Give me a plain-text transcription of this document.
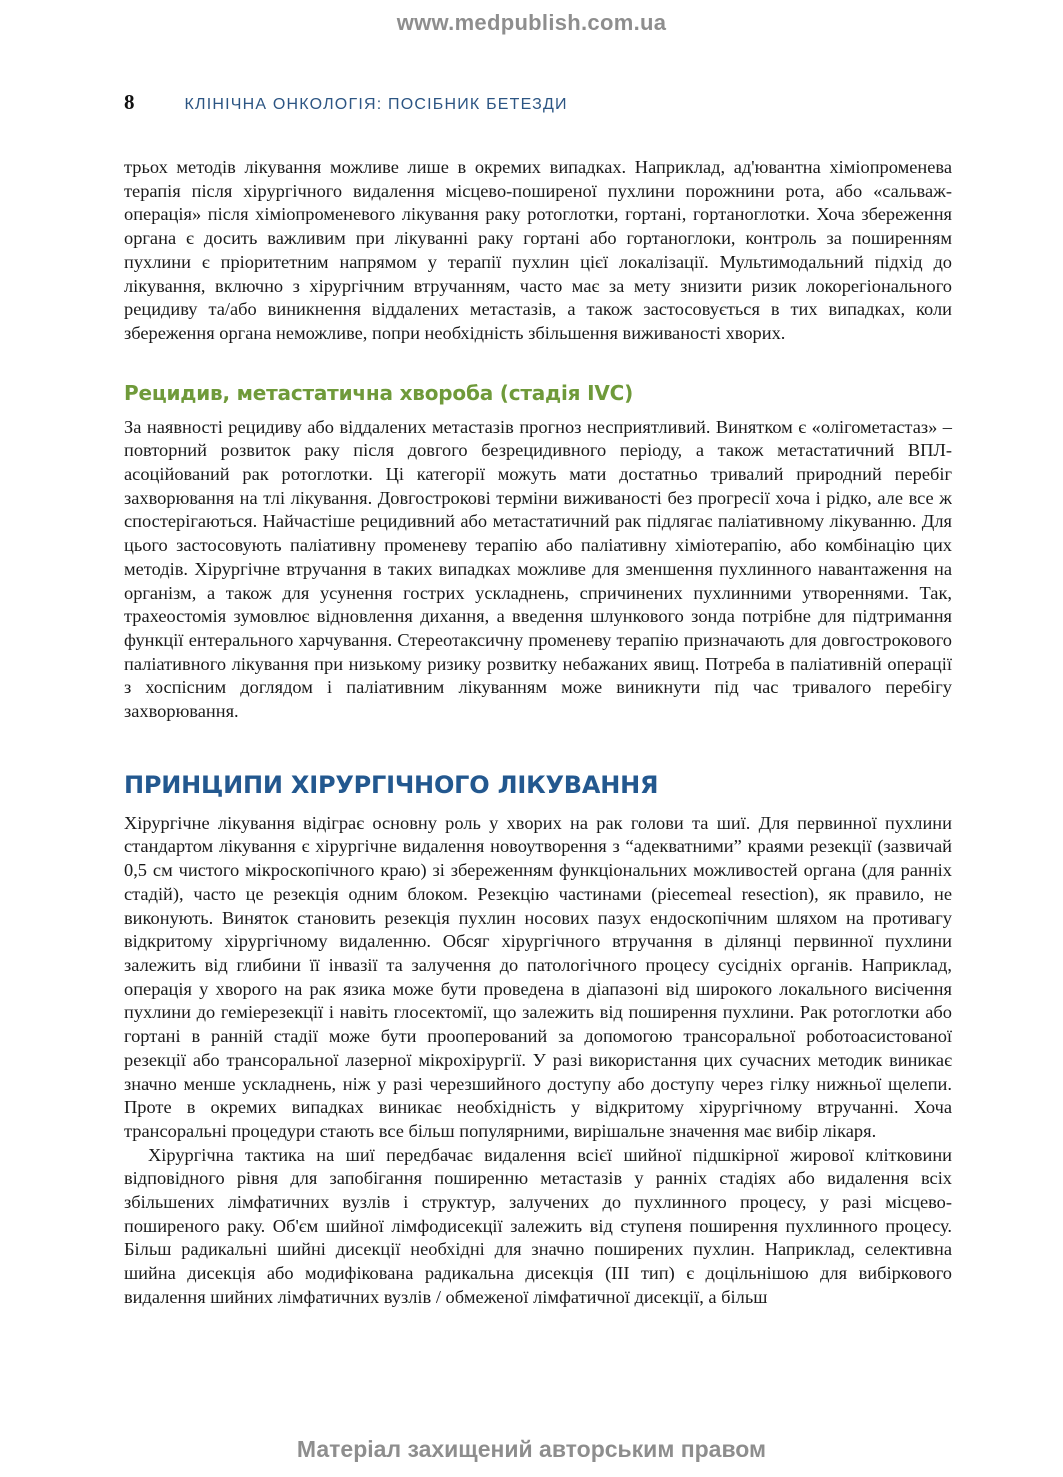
www.medpublish.com.ua
8	КЛІНІЧНА ОНКОЛОГІЯ: ПОСІБНИК БЕТЕЗДИ

трьох методів лікування можливе лише в окремих випадках. Наприклад, ад'ювантна хіміопроменева терапія після хірургічного видалення місцево-поширеної пухлини порожнини рота, або «сальваж-операція» після хіміопроменевого лікування раку ротоглотки, гортані, гортаноглотки. Хоча збереження органа є досить важливим при лікуванні раку гортані або гортаноглоки, контроль за поширенням пухлини є пріоритетним напрямом у терапії пухлин цієї локалізації. Мультимодальний підхід до лікування, включно з хірургічним втручанням, часто має за мету знизити ризик локорегіонального рецидиву та/або виникнення віддалених метастазів, а також застосовується в тих випадках, коли збереження органа неможливе, попри необхідність збільшення виживаності хворих.

Рецидив, метастатична хвороба (стадія IVC)

За наявності рецидиву або віддалених метастазів прогноз несприятливий. Винятком є «олігометастаз» – повторний розвиток раку після довгого безрецидивного періоду, а також метастатичний ВПЛ-асоційований рак ротоглотки. Ці категорії можуть мати достатньо тривалий природний перебіг захворювання на тлі лікування. Довгострокові терміни виживаності без прогресії хоча і рідко, але все ж спостерігаються. Найчастіше рецидивний або метастатичний рак підлягає паліативному лікуванню. Для цього застосовують паліативну променеву терапію або паліативну хіміотерапію, або комбінацію цих методів. Хірургічне втручання в таких випадках можливе для зменшення пухлинного навантаження на організм, а також для усунення гострих ускладнень, спричинених пухлинними утвореннями. Так, трахеостомія зумовлює відновлення дихання, а введення шлункового зонда потрібне для підтримання функції ентерального харчування. Стереотаксичну променеву терапію призначають для довгострокового паліативного лікування при низькому ризику розвитку небажаних явищ. Потреба в паліативній операції з хоспісним доглядом і паліативним лікуванням може виникнути під час тривалого перебігу захворювання.

ПРИНЦИПИ ХІРУРГІЧНОГО ЛІКУВАННЯ

Хірургічне лікування відіграє основну роль у хворих на рак голови та шиї. Для первинної пухлини стандартом лікування є хірургічне видалення новоутворення з “адекватними” краями резекції (зазвичай 0,5 см чистого мікроскопічного краю) зі збереженням функціональних можливостей органа (для ранніх стадій), часто це резекція одним блоком. Резекцію частинами (piecemeal resection), як правило, не виконують. Виняток становить резекція пухлин носових пазух ендоскопічним шляхом на противагу відкритому хірургічному видаленню. Обсяг хірургічного втручання в ділянці первинної пухлини залежить від глибини її інвазії та залучення до патологічного процесу сусідніх органів. Наприклад, операція у хворого на рак язика може бути проведена в діапазоні від широкого локального висічення пухлини до геміерезекції і навіть глосектомії, що залежить від поширення пухлини. Рак ротоглотки або гортані в ранній стадії може бути прооперований за допомогою трансоральної роботоасистованої резекції або трансоральної лазерної мікрохірургії. У разі використання цих сучасних методик виникає значно менше ускладнень, ніж у разі черезшийного доступу або доступу через гілку нижньої щелепи. Проте в окремих випадках виникає необхідність у відкритому хірургічному втручанні. Хоча трансоральні процедури стають все більш популярними, вирішальне значення має вибір лікаря.

Хірургічна тактика на шиї передбачає видалення всієї шийної підшкірної жирової клітковини відповідного рівня для запобігання поширенню метастазів у ранніх стадіях або видалення всіх збільшених лімфатичних вузлів і структур, залучених до пухлинного процесу, у разі місцево-поширеного раку. Об'єм шийної лімфодисекції залежить від ступеня поширення пухлинного процесу. Більш радикальні шийні дисекції необхідні для значно поширених пухлин. Наприклад, селективна шийна дисекція або модифікована радикальна дисекція (ІІІ тип) є доцільнішою для вибіркового видалення шийних лімфатичних вузлів / обмеженої лімфатичної дисекції, а більш

Матеріал захищений авторським правом
